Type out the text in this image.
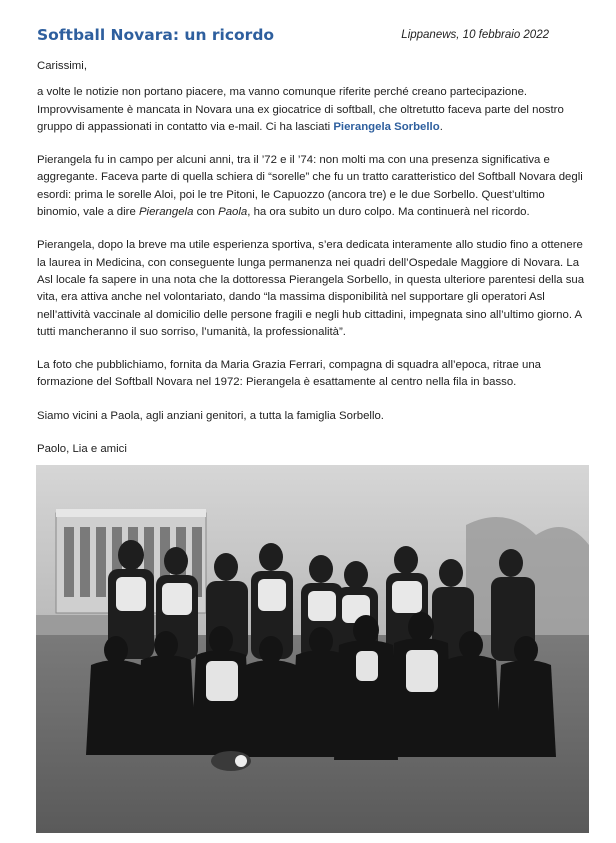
Softball Novara: un ricordo	Lippanews, 10 febbraio 2022

Carissimi,

a volte le notizie non portano piacere, ma vanno comunque riferite perché creano partecipazione. Improvvisamente è mancata in Novara una ex giocatrice di softball, che oltretutto faceva parte del nostro gruppo di appassionati in contatto via e-mail. Ci ha lasciati Pierangela Sorbello.

Pierangela fu in campo per alcuni anni, tra il ’72 e il ’74: non molti ma con una presenza significativa e aggregante. Faceva parte di quella schiera di “sorelle” che fu un tratto caratteristico del Softball Novara degli esordi: prima le sorelle Aloi, poi le tre Pitoni, le Capuozzo (ancora tre) e le due Sorbello. Quest’ultimo binomio, vale a dire Pierangela con Paola, ha ora subito un duro colpo. Ma continuerà nel ricordo.

Pierangela, dopo la breve ma utile esperienza sportiva, s’era dedicata interamente allo studio fino a ottenere la laurea in Medicina, con conseguente lunga permanenza nei quadri dell’Ospedale Maggiore di Novara. La Asl locale fa sapere in una nota che la dottoressa Pierangela Sorbello, in questa ulteriore parentesi della sua vita, era attiva anche nel volontariato, dando “la massima disponibilità nel supportare gli operatori Asl nell’attività vaccinale al domicilio delle persone fragili e negli hub cittadini, impegnata sino all’ultimo giorno. A tutti mancheranno il suo sorriso, l’umanità, la professionalità”.

La foto che pubblichiamo, fornita da Maria Grazia Ferrari, compagna di squadra all’epoca, ritrae una formazione del Softball Novara nel 1972: Pierangela è esattamente al centro nella fila in basso.

Siamo vicini a Paola, agli anziani genitori, a tutta la famiglia Sorbello.

Paolo, Lia e amici
